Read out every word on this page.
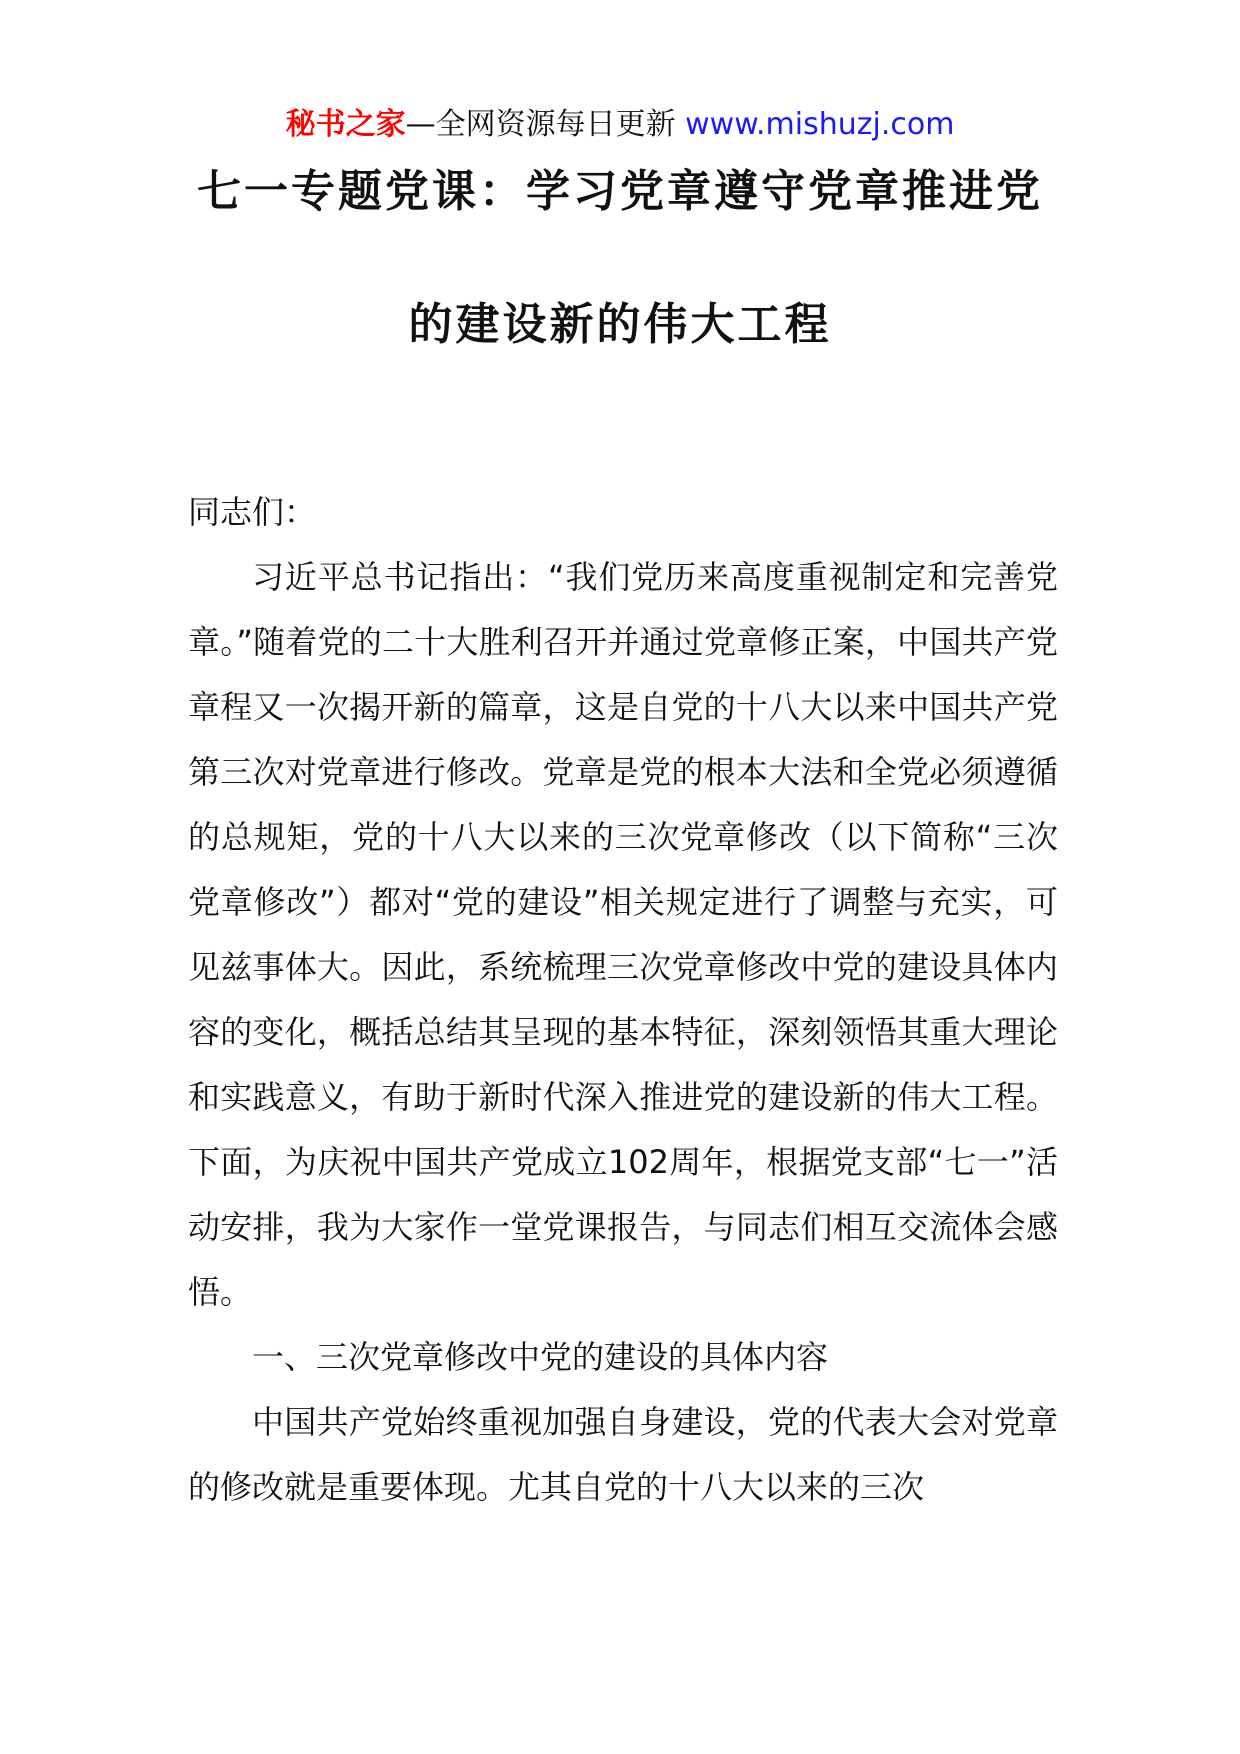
秘书之家—全网资源每日更新 www.mishuzj.com
七一专题党课：学习党章遵守党章推进党
的建设新的伟大工程

同志们：

习近平总书记指出：“我们党历来高度重视制定和完善党章。”随着党的二十大胜利召开并通过党章修正案，中国共产党章程又一次揭开新的篇章，这是自党的十八大以来中国共产党第三次对党章进行修改。党章是党的根本大法和全党必须遵循的总规矩，党的十八大以来的三次党章修改（以下简称“三次党章修改”）都对“党的建设”相关规定进行了调整与充实，可见兹事体大。因此，系统梳理三次党章修改中党的建设具体内容的变化，概括总结其呈现的基本特征，深刻领悟其重大理论和实践意义，有助于新时代深入推进党的建设新的伟大工程。下面，为庆祝中国共产党成立102周年，根据党支部“七一”活动安排，我为大家作一堂党课报告，与同志们相互交流体会感悟。

一、三次党章修改中党的建设的具体内容

中国共产党始终重视加强自身建设，党的代表大会对党章的修改就是重要体现。尤其自党的十八大以来的三次
